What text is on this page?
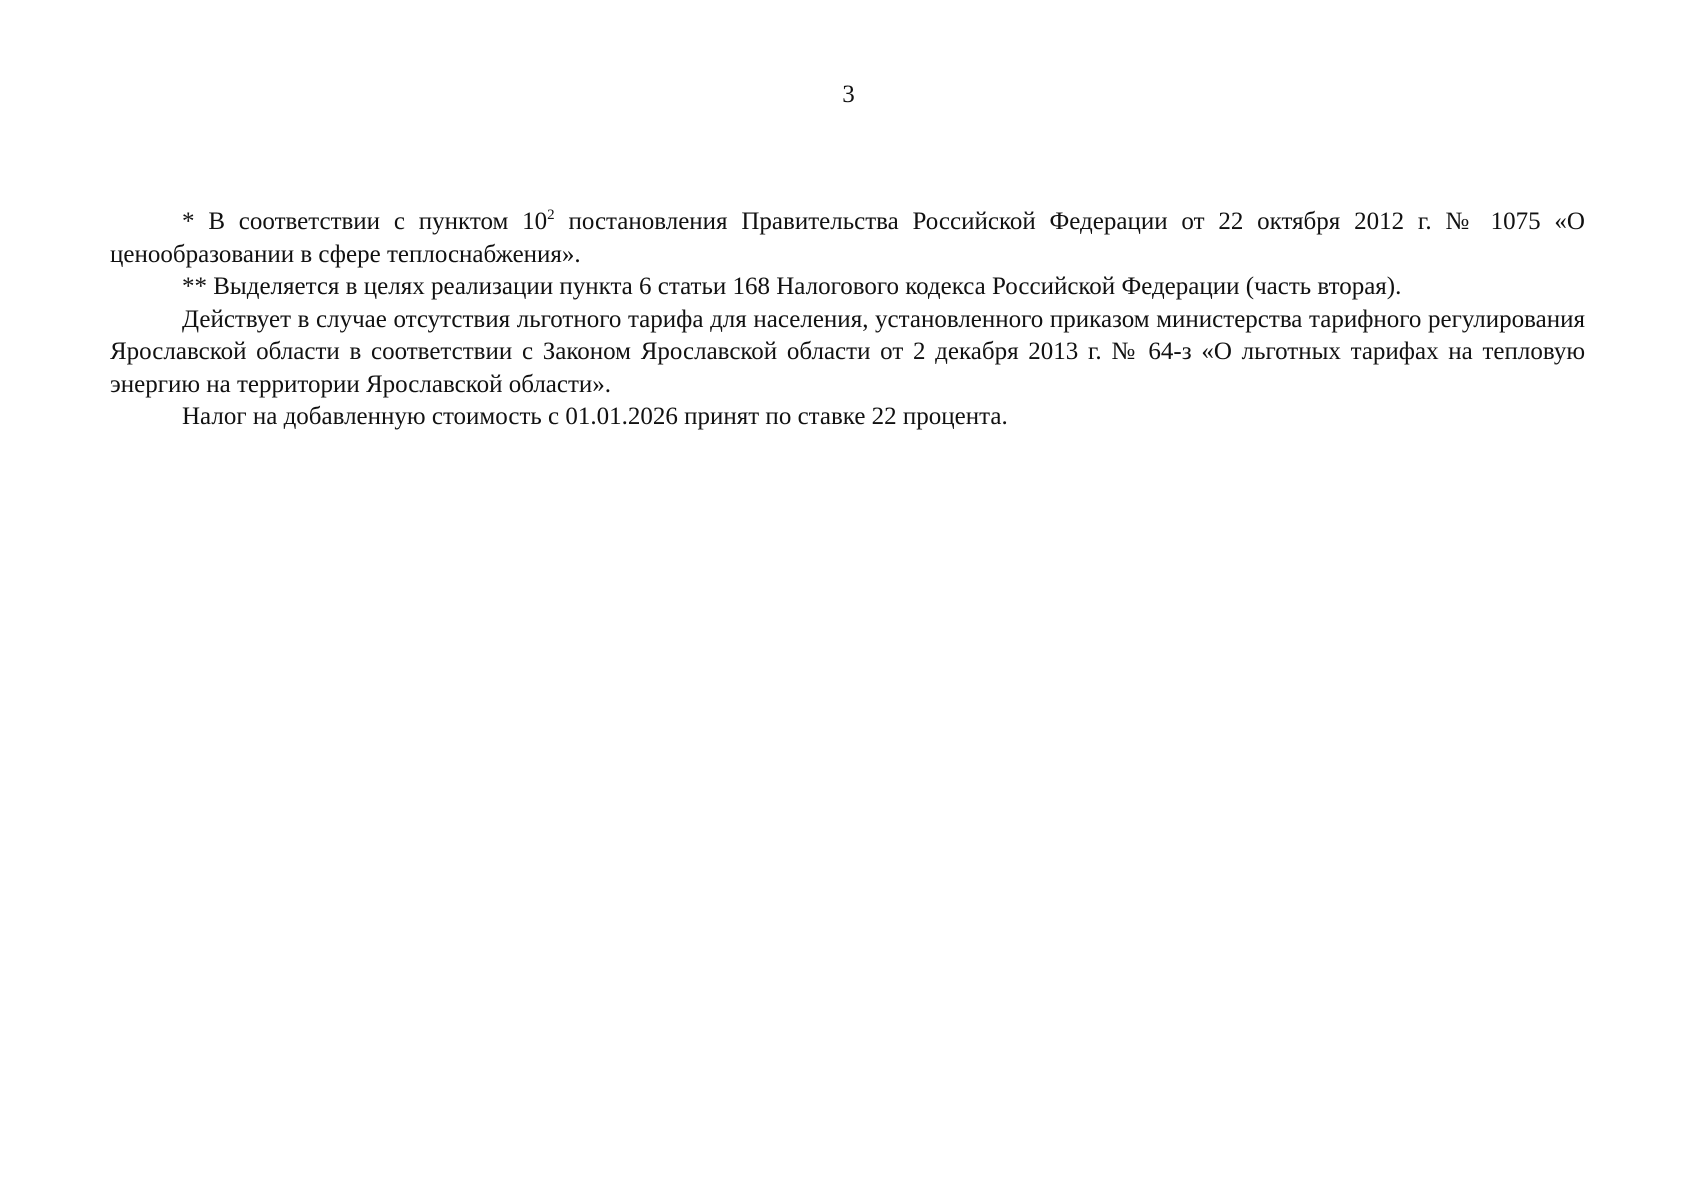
3

* В соответствии с пунктом $10^2$ постановления Правительства Российской Федерации от 22 октября 2012 г. № 1075 «О ценообразовании в сфере теплоснабжения».

** Выделяется в целях реализации пункта 6 статьи 168 Налогового кодекса Российской Федерации (часть вторая).

Действует в случае отсутствия льготного тарифа для населения, установленного приказом министерства тарифного регулирования Ярославской области в соответствии с Законом Ярославской области от 2 декабря 2013 г. № 64-з «О льготных тарифах на тепловую энергию на территории Ярославской области».

Налог на добавленную стоимость с 01.01.2026 принят по ставке 22 процента.
